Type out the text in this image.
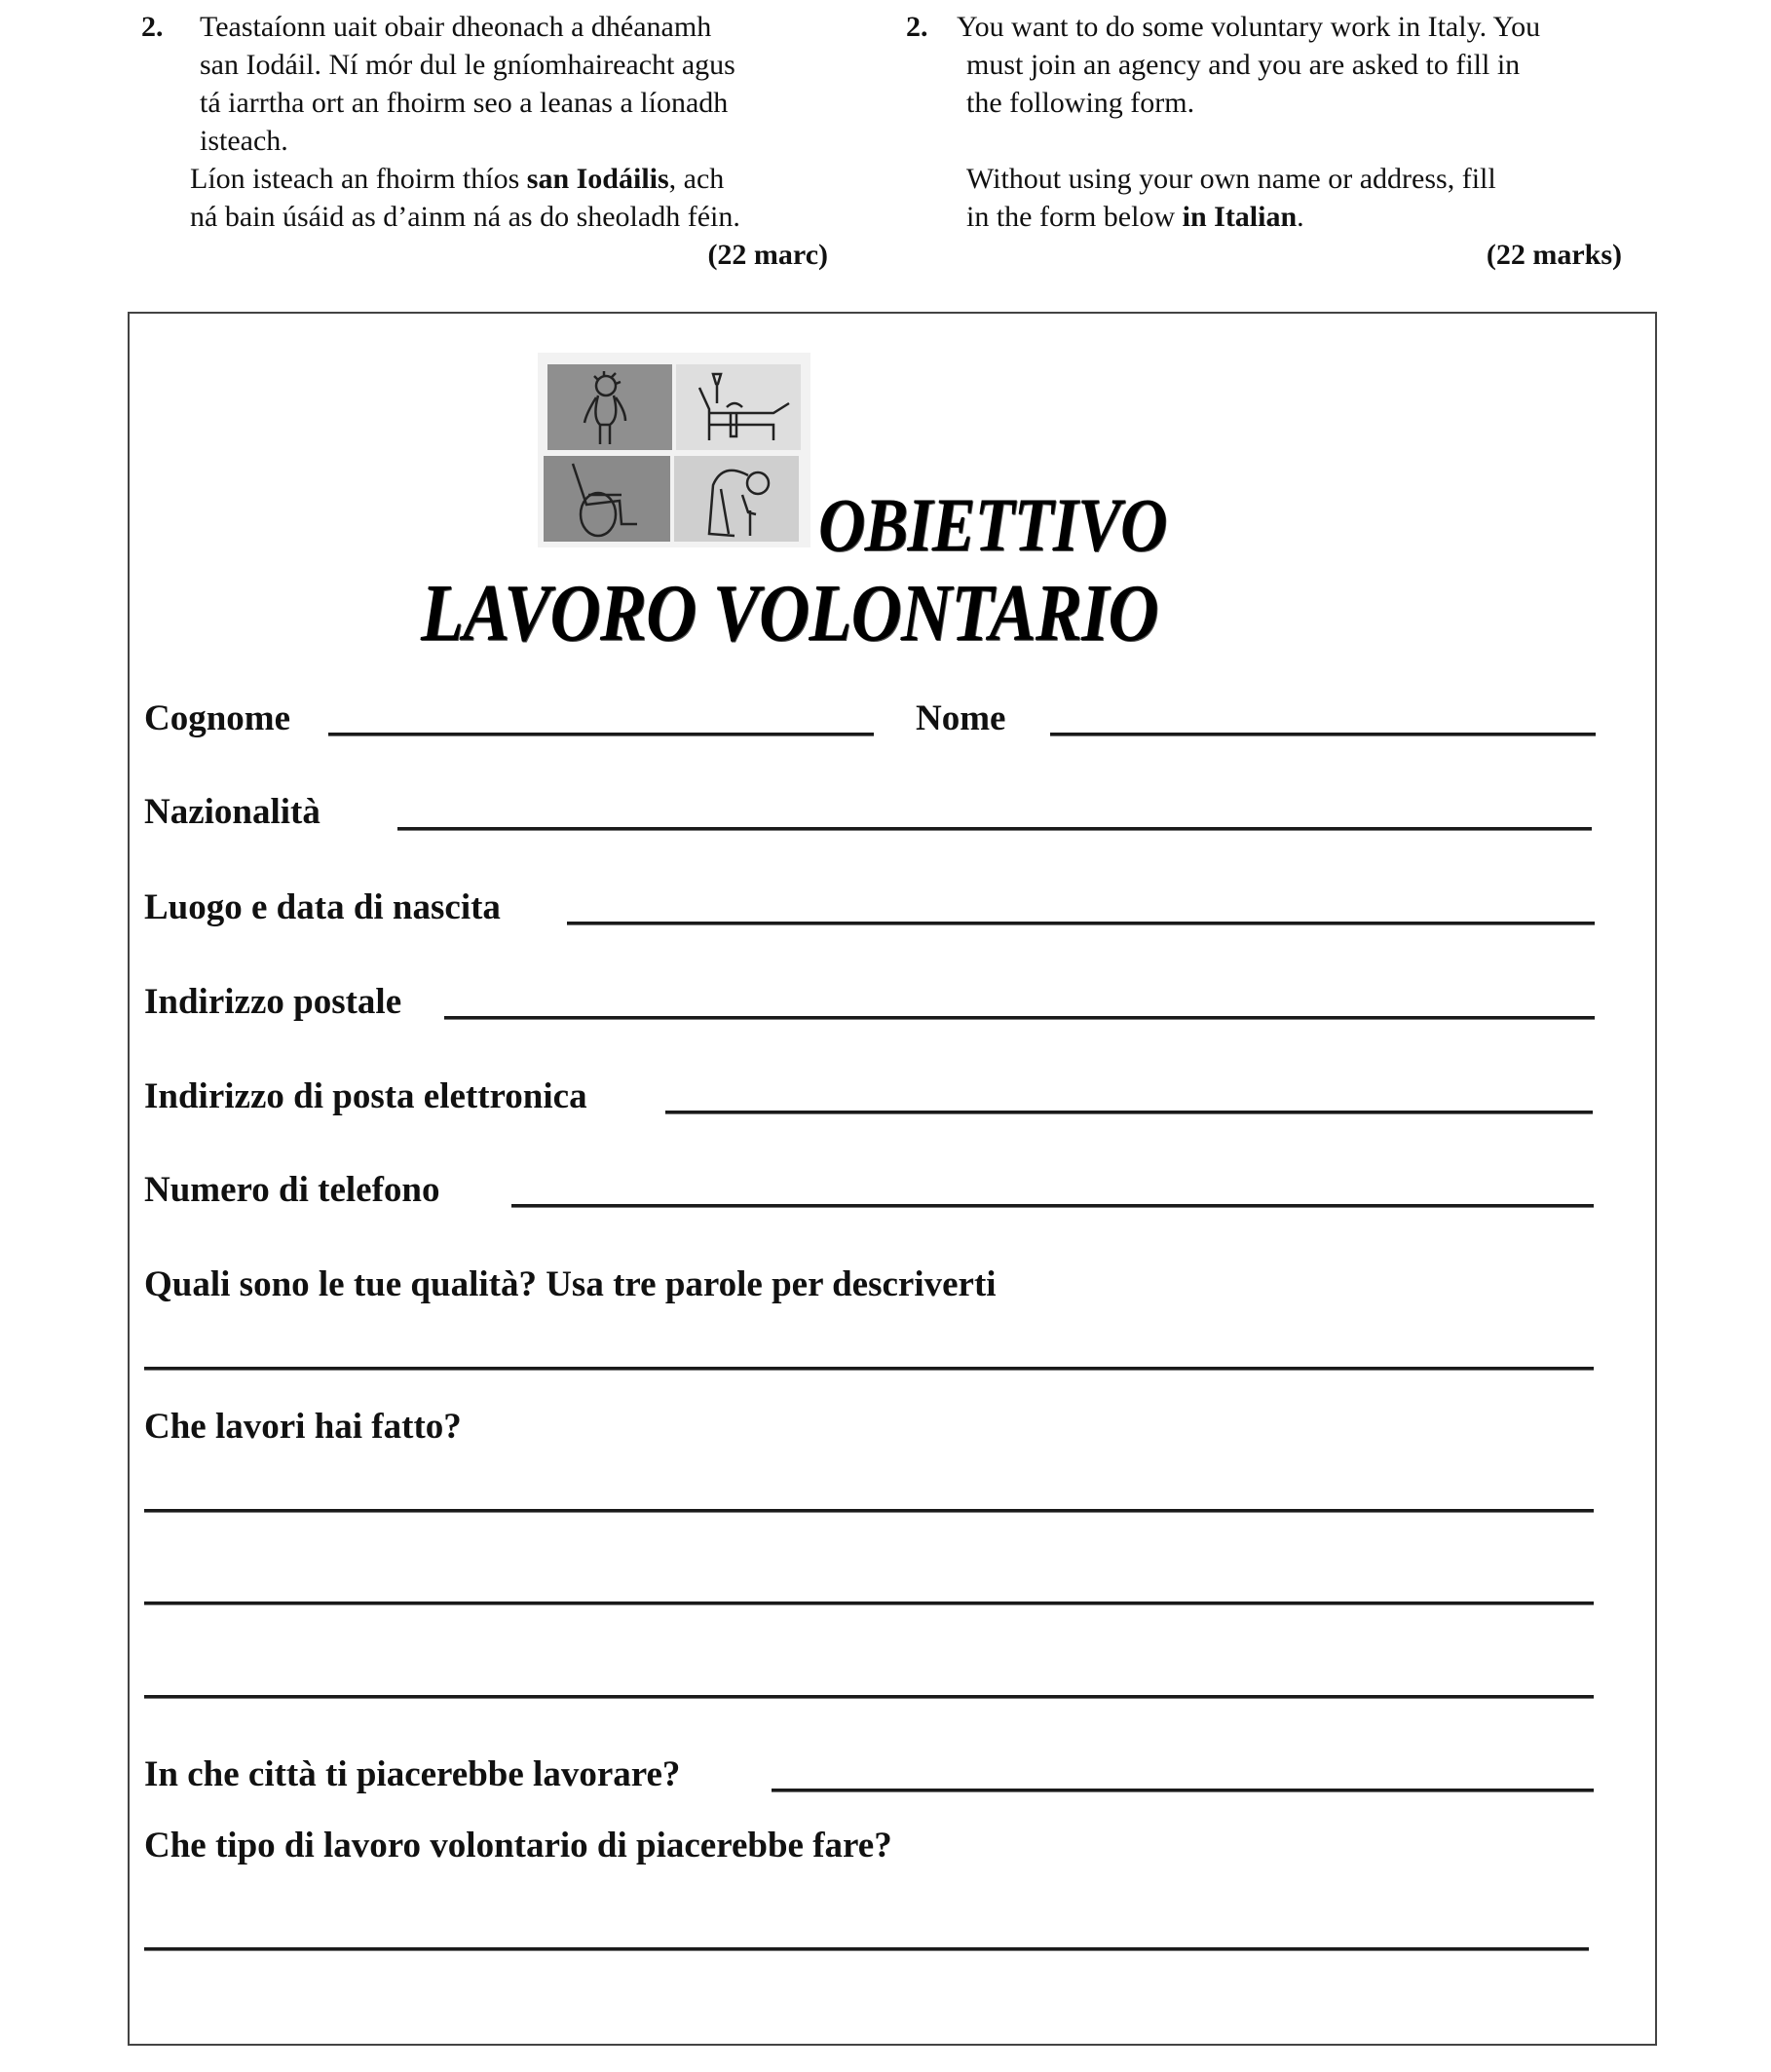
2. Teastaíonn uait obair dheonach a dhéanamh

san Iodáil. Ní mór dul le gníomhaireacht agus

tá iarrtha ort an fhoirm seo a leanas a líonadh

isteach.

Líon isteach an fhoirm thíos san Iodáilis, ach

ná bain úsáid as d’ainm ná as do sheoladh féin.

(22 marc)

2. You want to do some voluntary work in Italy. You

must join an agency and you are asked to fill in

the following form.

Without using your own name or address, fill

in the form below in Italian.

(22 marks)

OBIETTIVO
LAVORO VOLONTARIO
Cognome	Nome
Nazionalità
Luogo e data di nascita
Indirizzo postale
Indirizzo di posta elettronica
Numero di telefono
Quali sono le tue qualità? Usa tre parole per descriverti
Che lavori hai fatto?
In che città ti piacerebbe lavorare?
Che tipo di lavoro volontario di piacerebbe fare?
